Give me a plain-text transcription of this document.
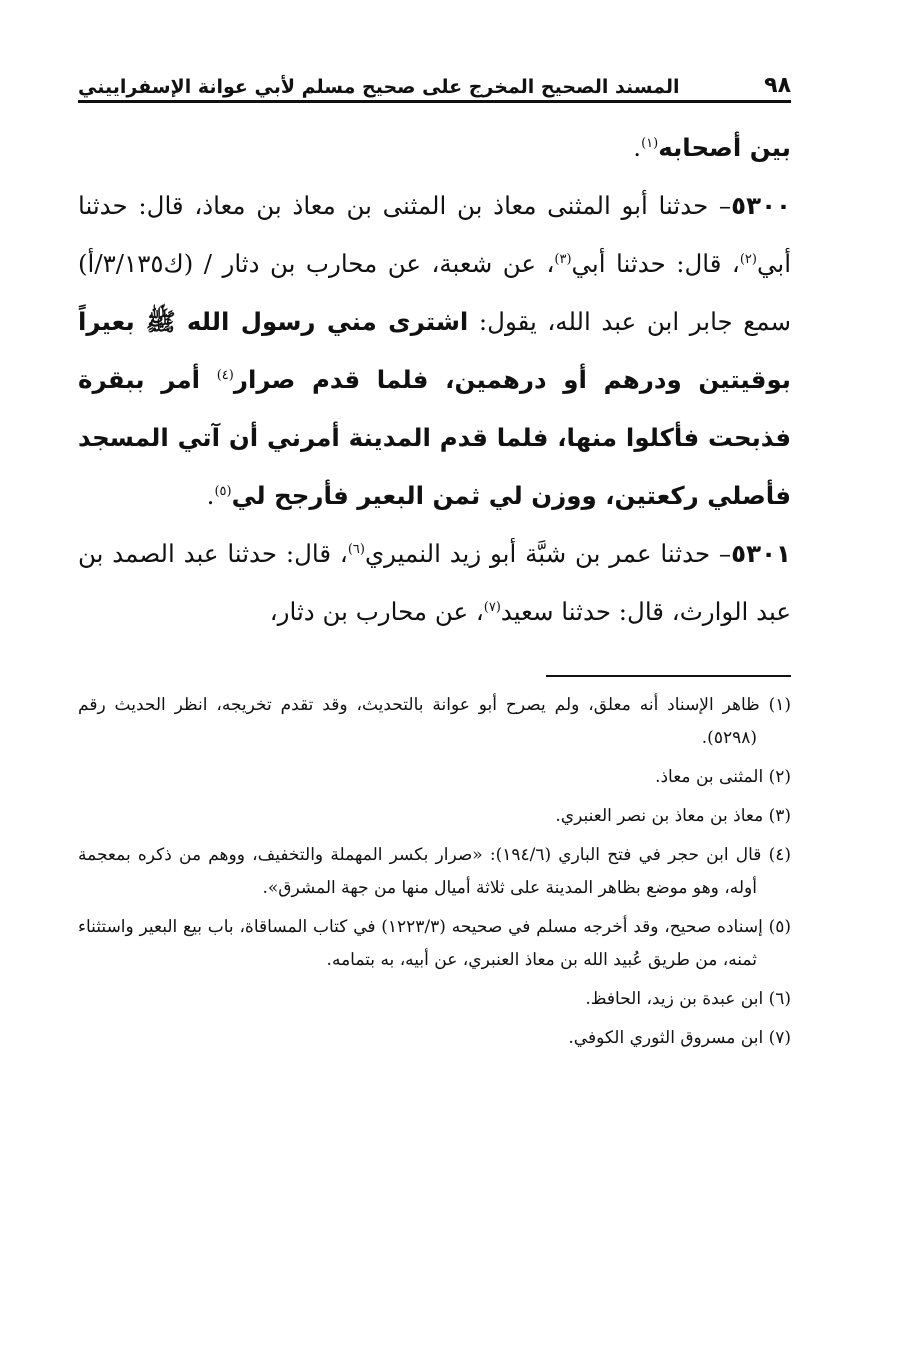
٩٨
المسند الصحيح المخرج على صحيح مسلم لأبي عوانة الإسفراييني

بين أصحابه$^{(١)}$.

٥٣٠٠– حدثنا أبو المثنى معاذ بن المثنى بن معاذ بن معاذ، قال: حدثنا أبي$^{(٢)}$، قال: حدثنا أبي$^{(٣)}$، عن شعبة، عن محارب بن دثار / (ك٣/١٣٥/أ) سمع جابر ابن عبد الله، يقول: اشترى مني رسول الله ﷺ بعيراً بوقيتين ودرهم أو درهمين، فلما قدم صرار$^{(٤)}$ أمر ببقرة فذبحت فأكلوا منها، فلما قدم المدينة أمرني أن آتي المسجد فأصلي ركعتين، ووزن لي ثمن البعير فأرجح لي$^{(٥)}$.

٥٣٠١– حدثنا عمر بن شبَّة أبو زيد النميري$^{(٦)}$، قال: حدثنا عبد الصمد بن عبد الوارث، قال: حدثنا سعيد$^{(٧)}$، عن محارب بن دثار،

(١) ظاهر الإسناد أنه معلق، ولم يصرح أبو عوانة بالتحديث، وقد تقدم تخريجه، انظر الحديث رقم (٥٢٩٨).

(٢) المثنى بن معاذ.

(٣) معاذ بن معاذ بن نصر العنبري.

(٤) قال ابن حجر في فتح الباري (١٩٤/٦): «صرار بكسر المهملة والتخفيف، ووهم من ذكره بمعجمة أوله، وهو موضع بظاهر المدينة على ثلاثة أميال منها من جهة المشرق».

(٥) إسناده صحيح، وقد أخرجه مسلم في صحيحه (١٢٢٣/٣) في كتاب المساقاة، باب بيع البعير واستثناء ثمنه، من طريق عُبيد الله بن معاذ العنبري، عن أبيه، به بتمامه.

(٦) ابن عبدة بن زيد، الحافظ.

(٧) ابن مسروق الثوري الكوفي.
